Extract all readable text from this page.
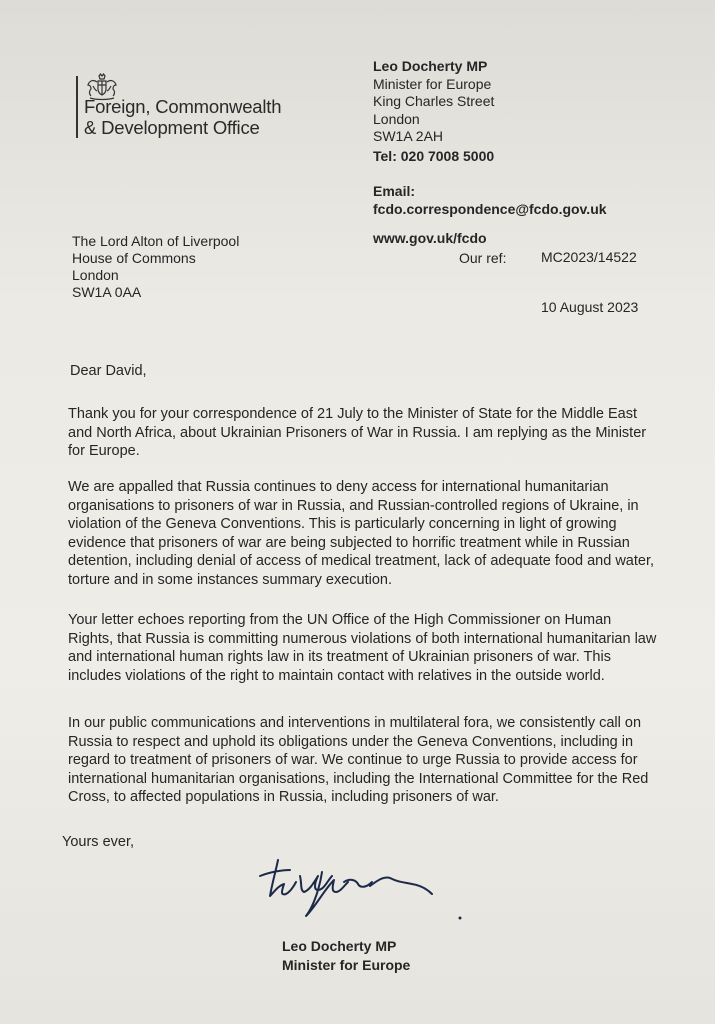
Foreign, Commonwealth
& Development Office
Leo Docherty MP
Minister for Europe
King Charles Street
London
SW1A 2AH
Tel: 020 7008 5000
Email:
fcdo.correspondence@fcdo.gov.uk
www.gov.uk/fcdo
Our ref: MC2023/14522
10 August 2023
The Lord Alton of Liverpool
House of Commons
London
SW1A 0AA
Dear David,

Thank you for your correspondence of 21 July to the Minister of State for the Middle East and North Africa, about Ukrainian Prisoners of War in Russia. I am replying as the Minister for Europe.

We are appalled that Russia continues to deny access for international humanitarian organisations to prisoners of war in Russia, and Russian-controlled regions of Ukraine, in violation of the Geneva Conventions. This is particularly concerning in light of growing evidence that prisoners of war are being subjected to horrific treatment while in Russian detention, including denial of access of medical treatment, lack of adequate food and water, torture and in some instances summary execution.

Your letter echoes reporting from the UN Office of the High Commissioner on Human Rights, that Russia is committing numerous violations of both international humanitarian law and international human rights law in its treatment of Ukrainian prisoners of war. This includes violations of the right to maintain contact with relatives in the outside world.

In our public communications and interventions in multilateral fora, we consistently call on Russia to respect and uphold its obligations under the Geneva Conventions, including in regard to treatment of prisoners of war. We continue to urge Russia to provide access for international humanitarian organisations, including the International Committee for the Red Cross, to affected populations in Russia, including prisoners of war.

Yours ever,
Leo Docherty MP
Minister for Europe
